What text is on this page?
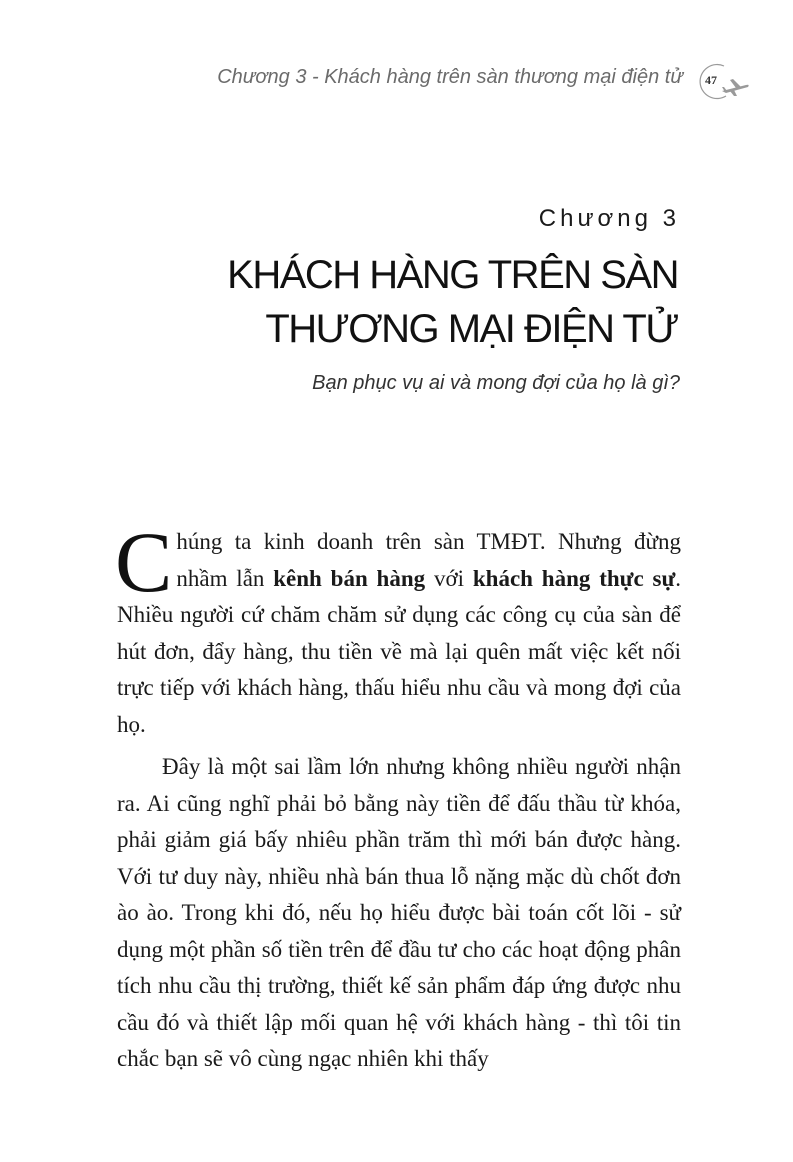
Chương 3 - Khách hàng trên sàn thương mại điện tử	47
Chương 3
KHÁCH HÀNG TRÊN SÀN
THƯƠNG MẠI ĐIỆN TỬ
Bạn phục vụ ai và mong đợi của họ là gì?

Chúng ta kinh doanh trên sàn TMĐT. Nhưng đừng nhầm lẫn kênh bán hàng với khách hàng thực sự. Nhiều người cứ chăm chăm sử dụng các công cụ của sàn để hút đơn, đẩy hàng, thu tiền về mà lại quên mất việc kết nối trực tiếp với khách hàng, thấu hiểu nhu cầu và mong đợi của họ.

Đây là một sai lầm lớn nhưng không nhiều người nhận ra. Ai cũng nghĩ phải bỏ bằng này tiền để đấu thầu từ khóa, phải giảm giá bấy nhiêu phần trăm thì mới bán được hàng. Với tư duy này, nhiều nhà bán thua lỗ nặng mặc dù chốt đơn ào ào. Trong khi đó, nếu họ hiểu được bài toán cốt lõi - sử dụng một phần số tiền trên để đầu tư cho các hoạt động phân tích nhu cầu thị trường, thiết kế sản phẩm đáp ứng được nhu cầu đó và thiết lập mối quan hệ với khách hàng - thì tôi tin chắc bạn sẽ vô cùng ngạc nhiên khi thấy
